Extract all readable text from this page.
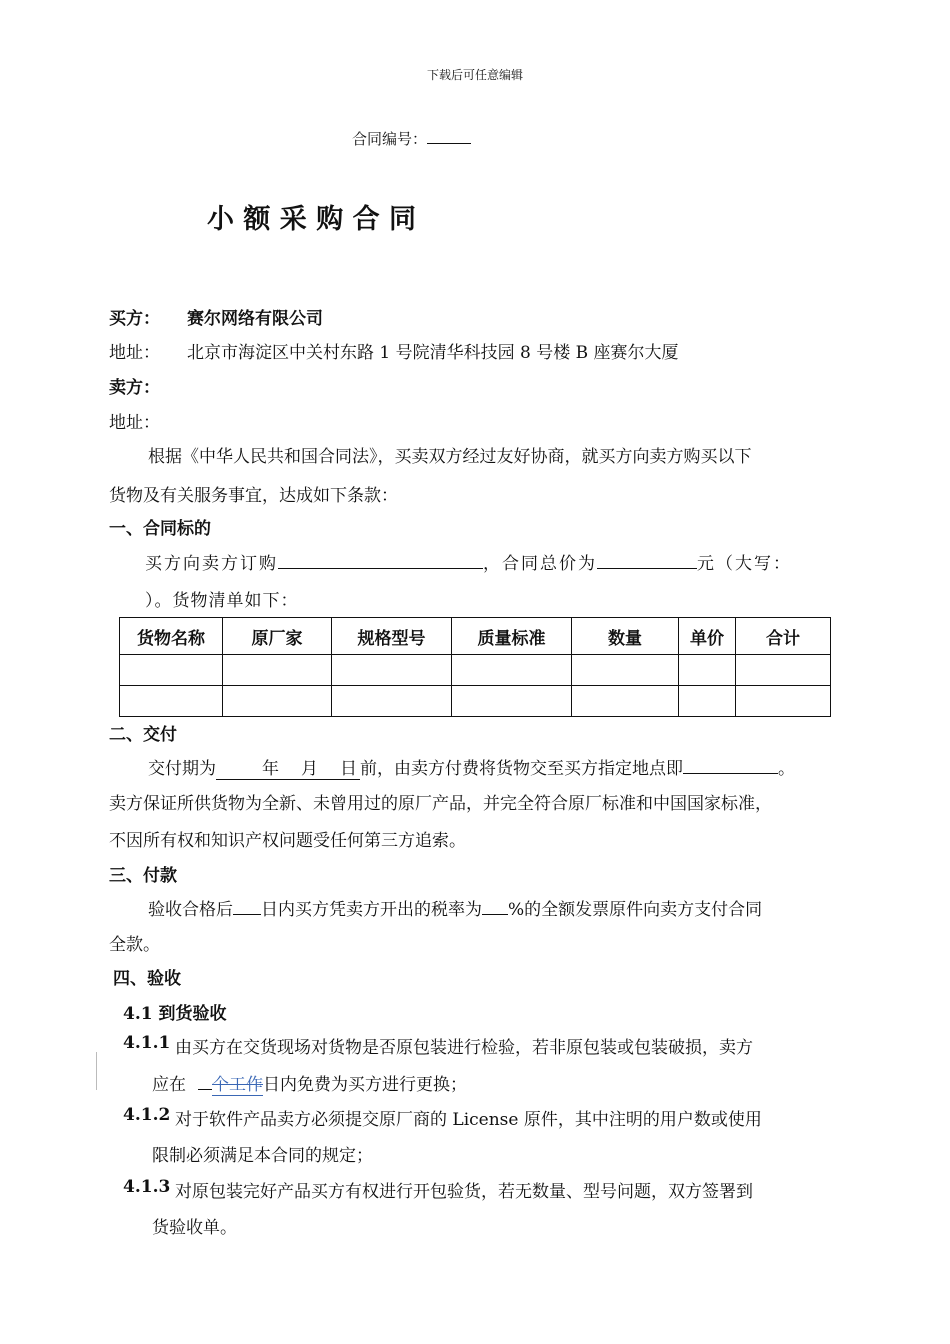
下载后可任意编辑
合同编号：
小 额 采 购 合 同
买方： 赛尔网络有限公司
地址： 北京市海淀区中关村东路 1 号院清华科技园 8 号楼 B 座赛尔大厦
卖方：
地址：
根据《中华人民共和国合同法》，买卖双方经过友好协商，就买方向卖方购买以下
货物及有关服务事宜，达成如下条款：
一、合同标的
买方向卖方订购	，合同总价为	元（大写：
）。货物清单如下：
货物名称	原厂家	规格型号	质量标准	数量	单价	合计

二、交付
交付期为	年 月 日 前，由卖方付费将货物交至买方指定地点即	。
卖方保证所供货物为全新、未曾用过的原厂产品，并完全符合原厂标准和中国国家标准，
不因所有权和知识产权问题受任何第三方追索。
三、付款
验收合格后 日内买方凭卖方开出的税率为 %的全额发票原件向卖方支付合同
全款。
四、验收
4.1 到货验收
4.1.1 由买方在交货现场对货物是否原包装进行检验，若非原包装或包装破损，卖方
应在 个工作日内免费为买方进行更换；
4.1.2 对于软件产品卖方必须提交原厂商的 License 原件，其中注明的用户数或使用
限制必须满足本合同的规定；
4.1.3 对原包装完好产品买方有权进行开包验货，若无数量、型号问题，双方签署到
货验收单。
